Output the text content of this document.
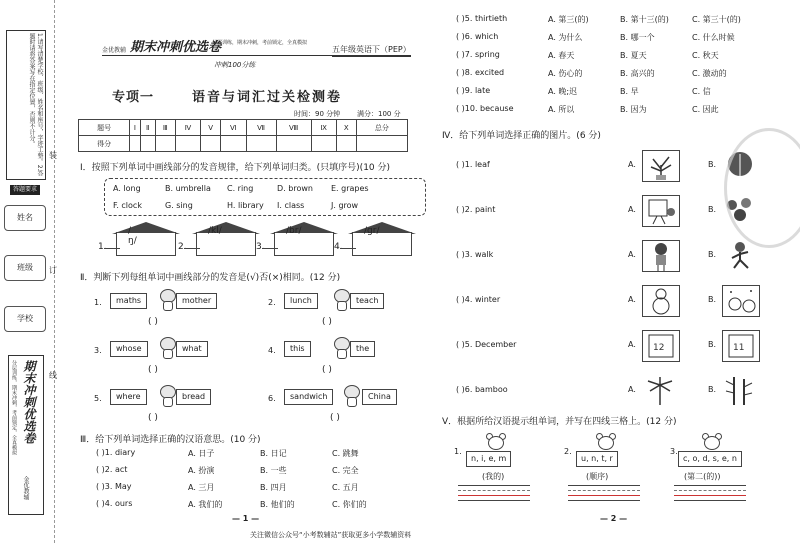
1.请写清楚学校、班级、姓名和座号，字迹工整。2.答题时请将答案写在指定位置，否则不计分。
答题要求
姓名
班级
学校
装
订
线
期末冲刺优选卷
分层训练，期末冲刺，考前锁定，全真模拟
金优教辅
金优教辅 期末冲刺优选卷
分层训练，期末冲刺，考前锁定，全真模拟
五年级英语下（PEP）
冲刺100分练
专项一	语音与词汇过关检测卷
时间：90 分钟 满分：100 分
题号	Ⅰ	Ⅱ	Ⅲ	Ⅳ	Ⅴ	Ⅵ	Ⅶ	Ⅷ	Ⅸ	Ⅹ	总分
得分											
Ⅰ．按照下列单词中画线部分的发音规律，给下列单词归类。(只填序号)(10 分)
A. long	B. umbrella C. ring	D. brown E. grapes
F. clock	G. sing	H. library I. class	J. grow
/ŋ/
1.
/kl/
2.
/br/
3.
/gr/
4.
Ⅱ．判断下列每组单词中画线部分的发音是(√)否(×)相同。(12 分)
1.	maths	mother
( )
2.	lunch	teach
( )
3.	whose	what
( )
4.	this	the
( )
5.	where	bread
( )
6.	sandwich	China
( )
Ⅲ．给下列单词选择正确的汉语意思。(10 分)
( )1. diary	A. 日子	B. 日记	C. 跳舞
( )2. act	A. 扮演	B. 一些	C. 完全
( )3. May	A. 三月	B. 四月	C. 五月
( )4. ours	A. 我们的	B. 他们的	C. 你们的
— 1 —
( )5. thirtieth	A. 第三(的)	B. 第十三(的)	C. 第三十(的)
( )6. which	A. 为什么	B. 哪一个	C. 什么时候
( )7. spring	A. 春天	B. 夏天	C. 秋天
( )8. excited	A. 伤心的	B. 高兴的	C. 激动的
( )9. late	A. 晚;迟	B. 早	C. 信
( )10. because	A. 所以	B. 因为	C. 因此
Ⅳ．给下列单词选择正确的图片。(6 分)
( )1. leaf	A.	B.
( )2. paint	A.	B.
( )3. walk	A.	B.
( )4. winter	A.	B.
( )5. December	A. 12	B. 11
( )6. bamboo	A.	B.
Ⅴ．根据所给汉语提示组单词，并写在四线三格上。(12 分)
1.
n, i, e, m
(我的)
2.
u, n, t, r
(顺序)
3.
c, o, d, s, e, n
(第二(的))
— 2 —
关注微信公众号“小考数辅站”获取更多小学数辅资料
